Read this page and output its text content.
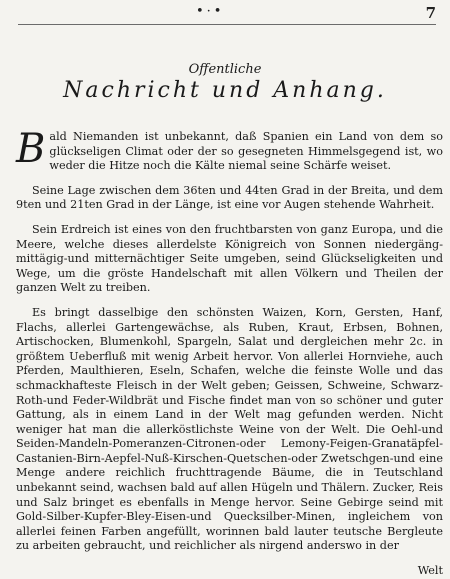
•·•	7
Offentliche
Nachricht und Anhang.

Bald Niemanden ist unbekannt, daß Spanien ein Land von dem so glückseligen Climat oder der so gesegneten Himmelsgegend ist, wo weder die Hitze noch die Kälte niemal seine Schärfe weiset.

Seine Lage zwischen dem 36ten und 44ten Grad in der Breita, und dem 9ten und 21ten Grad in der Länge, ist eine vor Augen stehende Wahrheit.

Sein Erdreich ist eines von den fruchtbarsten von ganz Europa, und die Meere, welche dieses allerdelste Königreich von Sonnen niedergäng-mittägig-und mitternächtiger Seite umgeben, seind Glückseligkeiten und Wege, um die gröste Handelschaft mit allen Völkern und Theilen der ganzen Welt zu treiben.

Es bringt dasselbige den schönsten Waizen, Korn, Gersten, Hanf, Flachs, allerlei Gartengewächse, als Ruben, Kraut, Erbsen, Bohnen, Artischocken, Blumenkohl, Spargeln, Salat und dergleichen mehr 2c. in größtem Ueberfluß mit wenig Arbeit hervor. Von allerlei Hornviehe, auch Pferden, Maulthieren, Eseln, Schafen, welche die feinste Wolle und das schmackhafteste Fleisch in der Welt geben; Geissen, Schweine, Schwarz-Roth-und Feder-Wildbrät und Fische findet man von so schöner und guter Gattung, als in einem Land in der Welt mag gefunden werden. Nicht weniger hat man die allerköstlichste Weine von der Welt. Die Oehl-und Seiden-Mandeln-Pomeranzen-Citronen-oder Lemony-Feigen-Granatäpfel-Castanien-Birn-Aepfel-Nuß-Kirschen-Quetschen-oder Zwetschgen-und eine Menge andere reichlich fruchttragende Bäume, die in Teutschland unbekannt seind, wachsen bald auf allen Hügeln und Thälern. Zucker, Reis und Salz bringet es ebenfalls in Menge hervor. Seine Gebirge seind mit Gold-Silber-Kupfer-Bley-Eisen-und Quecksilber-Minen, ingleichem von allerlei feinen Farben angefüllt, worinnen bald lauter teutsche Bergleute zu arbeiten gebraucht, und reichlicher als nirgend anderswo in der

Welt
